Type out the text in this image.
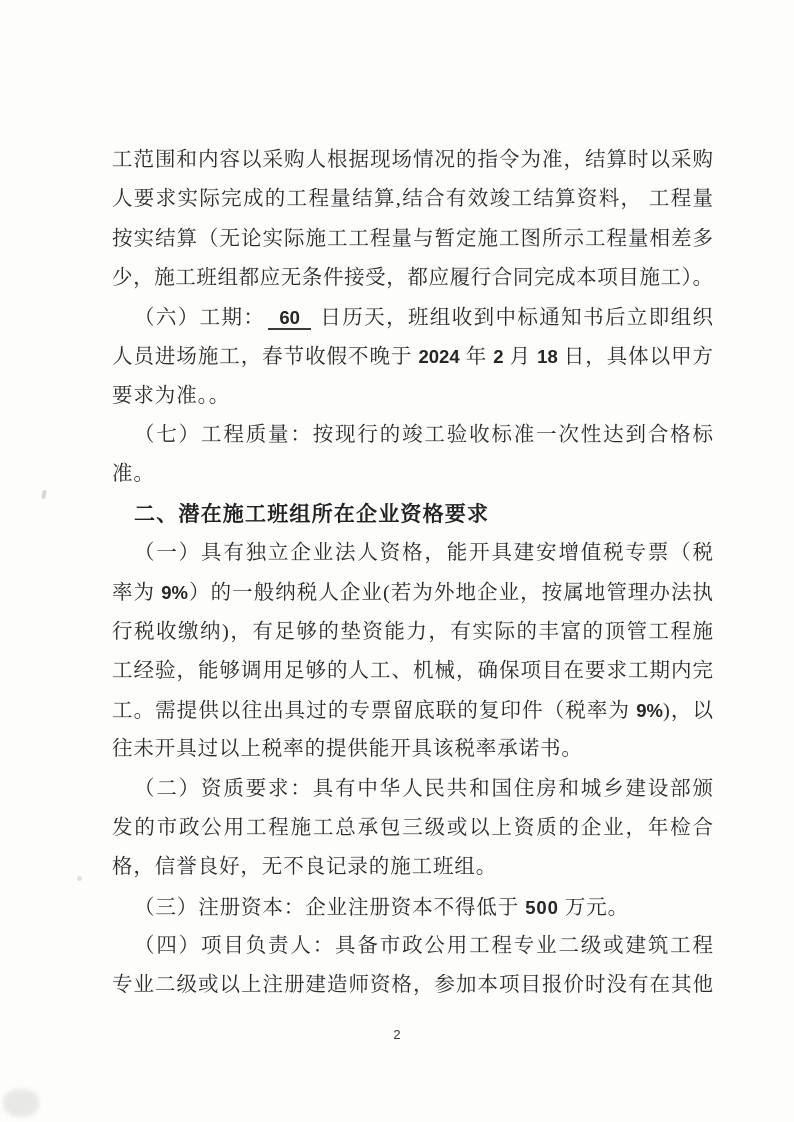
工范围和内容以采购人根据现场情况的指令为准，结算时以采购
人要求实际完成的工程量结算,结合有效竣工结算资料， 工程量
按实结算（无论实际施工工程量与暂定施工图所示工程量相差多
少，施工班组都应无条件接受，都应履行合同完成本项目施工）。
（六）工期： 60 日历天，班组收到中标通知书后立即组织
人员进场施工，春节收假不晚于 2024 年 2 月 18 日，具体以甲方
要求为准。。
（七）工程质量：按现行的竣工验收标准一次性达到合格标
准。
二、潜在施工班组所在企业资格要求
（一）具有独立企业法人资格，能开具建安增值税专票（税
率为 9%）的一般纳税人企业(若为外地企业，按属地管理办法执
行税收缴纳)，有足够的垫资能力，有实际的丰富的顶管工程施
工经验，能够调用足够的人工、机械，确保项目在要求工期内完
工。需提供以往出具过的专票留底联的复印件（税率为 9%)，以
往未开具过以上税率的提供能开具该税率承诺书。
（二）资质要求：具有中华人民共和国住房和城乡建设部颁
发的市政公用工程施工总承包三级或以上资质的企业，年检合
格，信誉良好，无不良记录的施工班组。
（三）注册资本：企业注册资本不得低于 500 万元。
（四）项目负责人：具备市政公用工程专业二级或建筑工程
专业二级或以上注册建造师资格，参加本项目报价时没有在其他
2
